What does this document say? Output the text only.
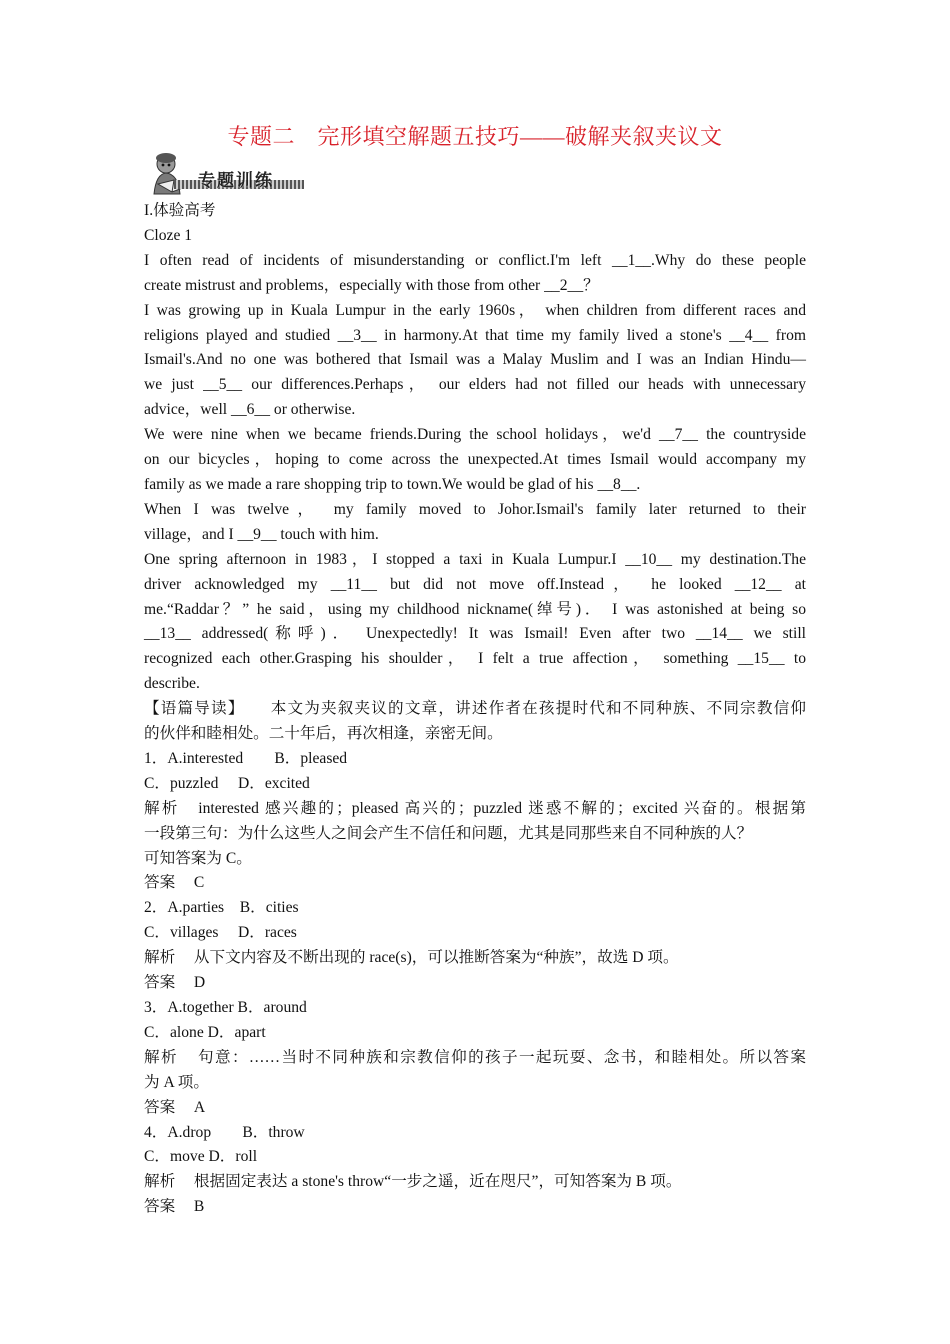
专题二　完形填空解题五技巧——破解夹叙夹议文
专题训练

I.体验高考

Cloze 1

I often read of incidents of misunderstanding or conflict.I'm left __1__.Why do these people

create mistrust and problems，especially with those from other __2__？

I was growing up in Kuala Lumpur in the early 1960s， when children from different races and

religions played and studied __3__ in harmony.At that time my family lived a stone's __4__ from

Ismail's.And no one was bothered that Ismail was a Malay Muslim and I was an Indian Hindu—

we just __5__ our differences.Perhaps， our elders had not filled our heads with unnecessary

advice，well __6__ or otherwise.

We were nine when we became friends.During the school holidays，we'd __7__ the countryside

on our bicycles，hoping to come across the unexpected.At times Ismail would accompany my

family as we made a rare shopping trip to town.We would be glad of his __8__.

When I was twelve， my family moved to Johor.Ismail's family later returned to their

village，and I __9__ touch with him.

One spring afternoon in 1983，I stopped a taxi in Kuala Lumpur.I __10__ my destination.The

driver acknowledged my __11__ but did not move off.Instead， he looked __12__ at

me.“Raddar？” he said，using my childhood nickname(绰号)． I was astonished at being so

__13__ addressed(称呼)． Unexpectedly! It was Ismail! Even after two __14__ we still

recognized each other.Grasping his shoulder， I felt a true affection， something __15__ to

describe.

【语篇导读】 本文为夹叙夹议的文章，讲述作者在孩提时代和不同种族、不同宗教信仰

的伙伴和睦相处。二十年后，再次相逢，亲密无间。

1．A.interested　　B．pleased

C．puzzled　 D．excited

解析 interested 感兴趣的；pleased 高兴的；puzzled 迷惑不解的；excited 兴奋的。根据第

一段第三句：为什么这些人之间会产生不信任和问题，尤其是同那些来自不同种族的人？

可知答案为 C。

答案 C

2．A.parties　B．cities

C．villages　 D．races

解析 从下文内容及不断出现的 race(s)，可以推断答案为“种族”，故选 D 项。

答案 D

3．A.together B．around

C．alone D．apart

解析 句意：……当时不同种族和宗教信仰的孩子一起玩耍、念书，和睦相处。所以答案

为 A 项。

答案 A

4．A.drop　　B．throw

C．move D．roll

解析 根据固定表达 a stone's throw“一步之遥，近在咫尺”，可知答案为 B 项。

答案 B
